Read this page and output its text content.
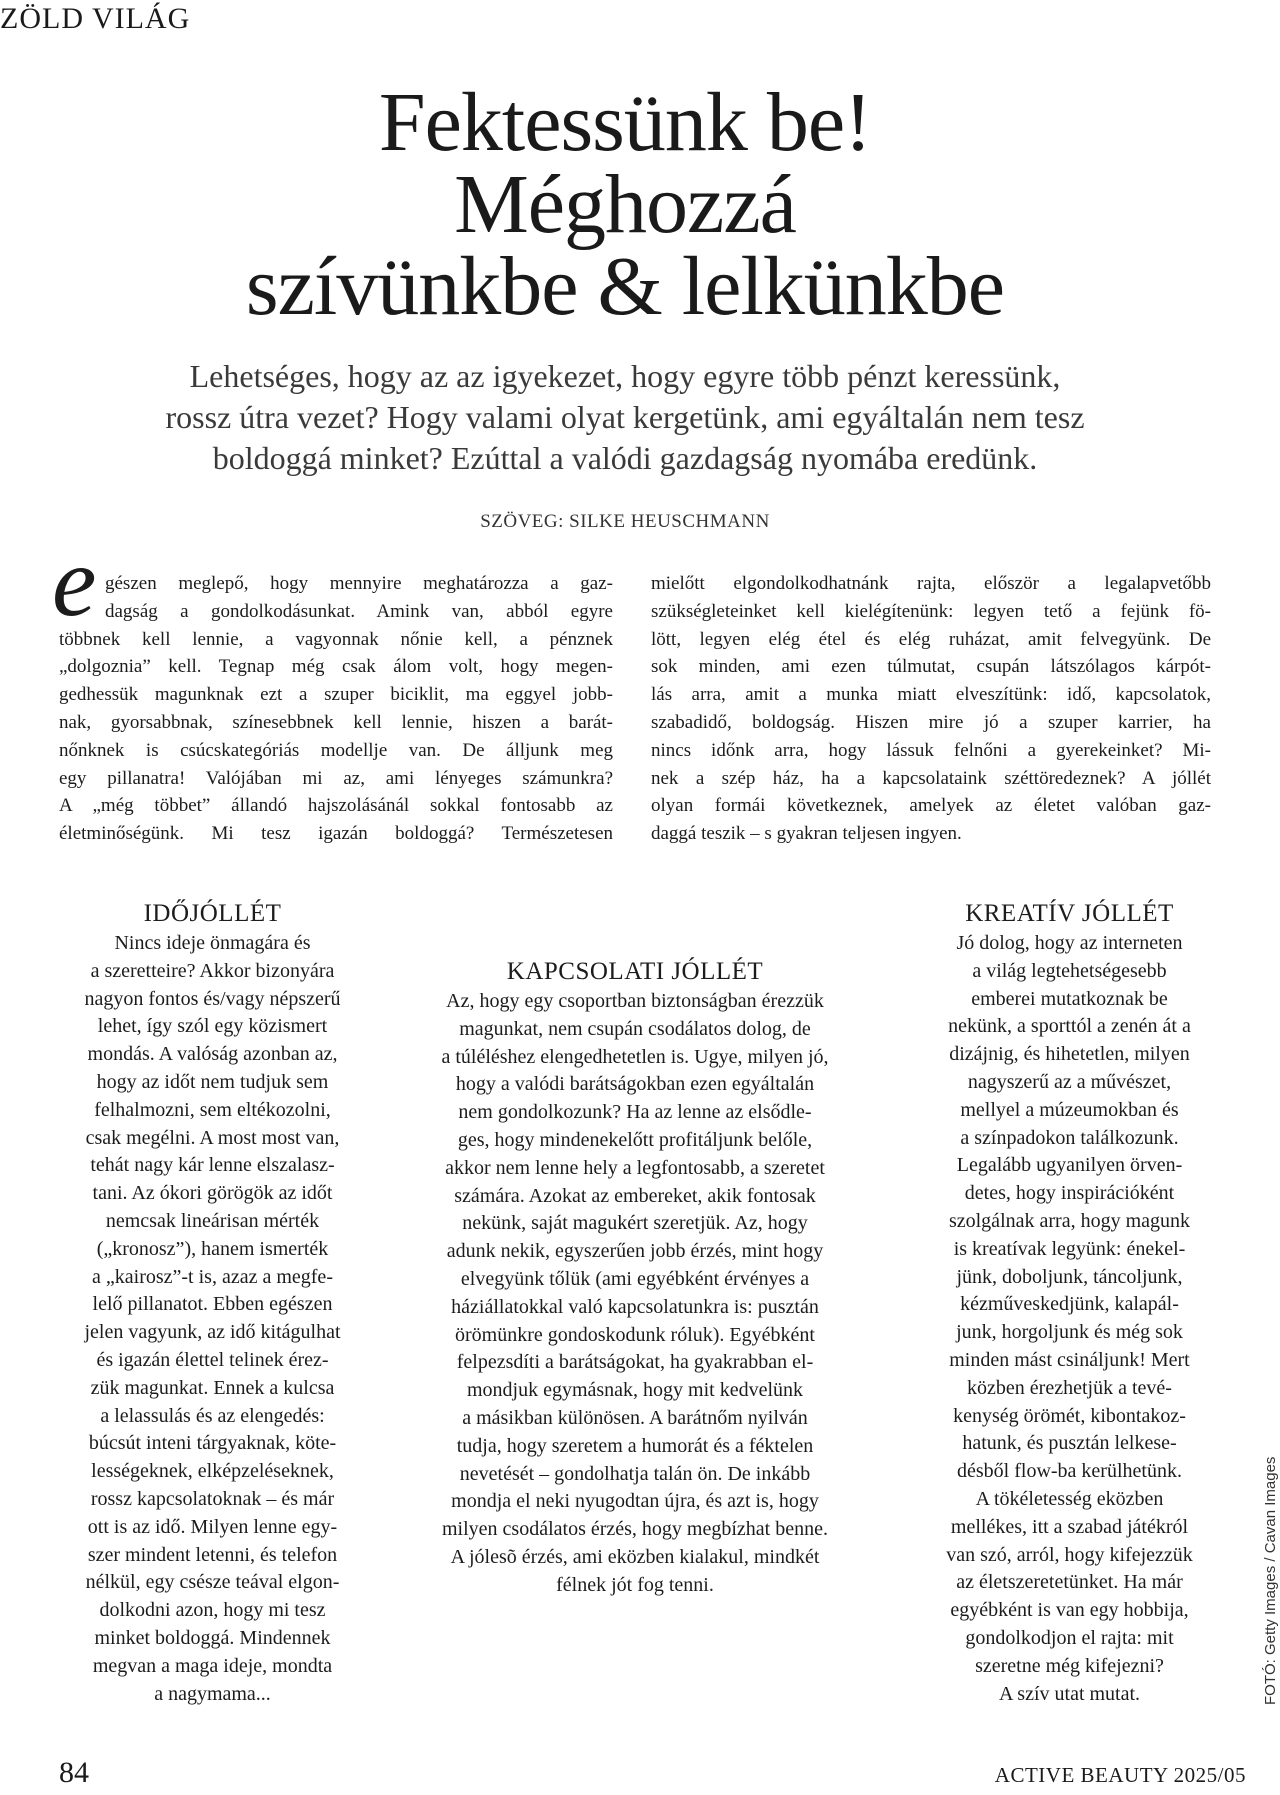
ZÖLD VILÁG
Fektessünk be!
Méghozzá
szívünkbe & lelkünkbe

Lehetséges, hogy az az igyekezet, hogy egyre több pénzt keressünk,
rossz útra vezet? Hogy valami olyat kergetünk, ami egyáltalán nem tesz
boldoggá minket? Ezúttal a valódi gazdagság nyomába eredünk.

SZÖVEG: SILKE HEUSCHMANN
e gészen meglepő, hogy mennyire meghatározza a gaz-
dagság a gondolkodásunkat. Amink van, abból egyre
többnek kell lennie, a vagyonnak nőnie kell, a pénznek
„dolgoznia” kell. Tegnap még csak álom volt, hogy megen-
gedhessük magunknak ezt a szuper biciklit, ma eggyel jobb-
nak, gyorsabbnak, színesebbnek kell lennie, hiszen a barát-
nőnknek is csúcskategóriás modellje van. De álljunk meg
egy pillanatra! Valójában mi az, ami lényeges számunkra?
A „még többet” állandó hajszolásánál sokkal fontosabb az
életminőségünk. Mi tesz igazán boldoggá? Természetesen

mielőtt elgondolkodhatnánk rajta, először a legalapvetőbb
szükségleteinket kell kielégítenünk: legyen tető a fejünk fö-
lött, legyen elég étel és elég ruházat, amit felvegyünk. De
sok minden, ami ezen túlmutat, csupán látszólagos kárpót-
lás arra, amit a munka miatt elveszítünk: idő, kapcsolatok,
szabadidő, boldogság. Hiszen mire jó a szuper karrier, ha
nincs időnk arra, hogy lássuk felnőni a gyerekeinket? Mi-
nek a szép ház, ha a kapcsolataink széttöredeznek? A jóllét
olyan formái következnek, amelyek az életet valóban gaz-
daggá teszik – s gyakran teljesen ingyen.

IDŐJÓLLÉT
Nincs ideje önmagára és
a szeretteire? Akkor bizonyára
nagyon fontos és/vagy népszerű
lehet, így szól egy közismert
mondás. A valóság azonban az,
hogy az időt nem tudjuk sem
felhalmozni, sem eltékozolni,
csak megélni. A most most van,
tehát nagy kár lenne elszalasz-
tani. Az ókori görögök az időt
nemcsak lineárisan mérték
(„kronosz”), hanem ismerték
a „kairosz”-t is, azaz a megfe-
lelő pillanatot. Ebben egészen
jelen vagyunk, az idő kitágulhat
és igazán élettel telinek érez-
zük magunkat. Ennek a kulcsa
a lelassulás és az elengedés:
búcsút inteni tárgyaknak, köte-
lességeknek, elképzeléseknek,
rossz kapcsolatoknak – és már
ott is az idő. Milyen lenne egy-
szer mindent letenni, és telefon
nélkül, egy csésze teával elgon-
dolkodni azon, hogy mi tesz
minket boldoggá. Mindennek
megvan a maga ideje, mondta
a nagymama...
KAPCSOLATI JÓLLÉT
Az, hogy egy csoportban biztonságban érezzük
magunkat, nem csupán csodálatos dolog, de
a túléléshez elengedhetetlen is. Ugye, milyen jó,
hogy a valódi barátságokban ezen egyáltalán
nem gondolkozunk? Ha az lenne az elsődle-
ges, hogy mindenekelőtt profitáljunk belőle,
akkor nem lenne hely a legfontosabb, a szeretet
számára. Azokat az embereket, akik fontosak
nekünk, saját magukért szeretjük. Az, hogy
adunk nekik, egyszerűen jobb érzés, mint hogy
elvegyünk tőlük (ami egyébként érvényes a
háziállatokkal való kapcsolatunkra is: pusztán
örömünkre gondoskodunk róluk). Egyébként
felpezsdíti a barátságokat, ha gyakrabban el-
mondjuk egymásnak, hogy mit kedvelünk
a másikban különösen. A barátnőm nyilván
tudja, hogy szeretem a humorát és a féktelen
nevetését – gondolhatja talán ön. De inkább
mondja el neki nyugodtan újra, és azt is, hogy
milyen csodálatos érzés, hogy megbízhat benne.
A jólesõ érzés, ami eközben kialakul, mindkét
félnek jót fog tenni.
KREATÍV JÓLLÉT
Jó dolog, hogy az interneten
a világ legtehetségesebb
emberei mutatkoznak be
nekünk, a sporttól a zenén át a
dizájnig, és hihetetlen, milyen
nagyszerű az a művészet,
mellyel a múzeumokban és
a színpadokon találkozunk.
Legalább ugyanilyen örven-
detes, hogy inspirációként
szolgálnak arra, hogy magunk
is kreatívak legyünk: énekel-
jünk, doboljunk, táncoljunk,
kézműveskedjünk, kalapál-
junk, horgoljunk és még sok
minden mást csináljunk! Mert
közben érezhetjük a tevé-
kenység örömét, kibontakoz-
hatunk, és pusztán lelkese-
désből flow-ba kerülhetünk.
A tökéletesség eközben
mellékes, itt a szabad játékról
van szó, arról, hogy kifejezzük
az életszeretetünket. Ha már
egyébként is van egy hobbija,
gondolkodjon el rajta: mit
szeretne még kifejezni?
A szív utat mutat.	FOTÓ: Getty Images / Cavan Images
84	ACTIVE BEAUTY 2025/05
